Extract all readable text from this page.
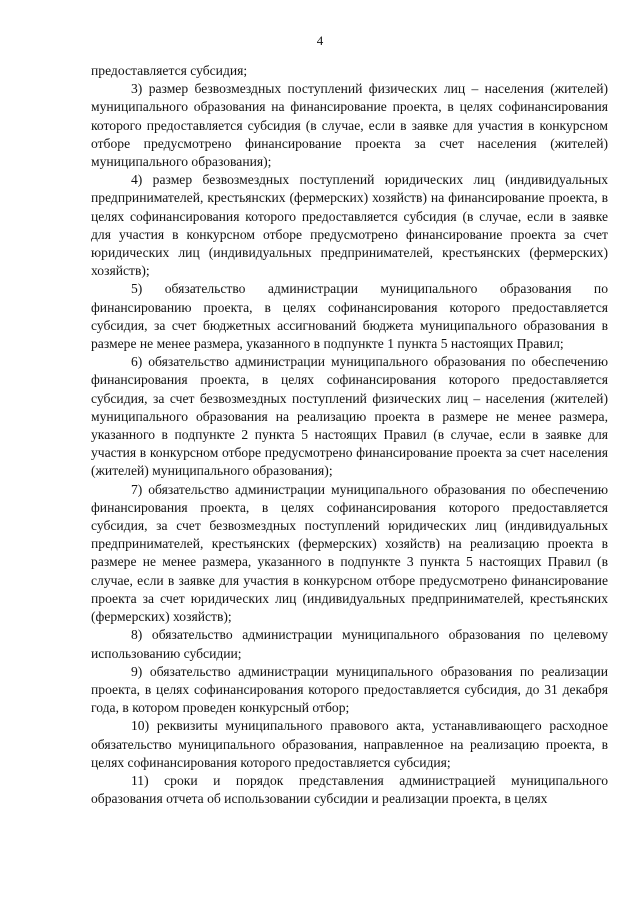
4

предоставляется субсидия;

3) размер безвозмездных поступлений физических лиц – населения (жителей) муниципального образования на финансирование проекта, в целях софинансирования которого предоставляется субсидия (в случае, если в заявке для участия в конкурсном отборе предусмотрено финансирование проекта за счет населения (жителей) муниципального образования);

4) размер безвозмездных поступлений юридических лиц (индивидуальных предпринимателей, крестьянских (фермерских) хозяйств) на финансирование проекта, в целях софинансирования которого предоставляется субсидия (в случае, если в заявке для участия в конкурсном отборе предусмотрено финансирование проекта за счет юридических лиц (индивидуальных предпринимателей, крестьянских (фермерских) хозяйств);

5) обязательство администрации муниципального образования по финансированию проекта, в целях софинансирования которого предоставляется субсидия, за счет бюджетных ассигнований бюджета муниципального образования в размере не менее размера, указанного в подпункте 1 пункта 5 настоящих Правил;

6) обязательство администрации муниципального образования по обеспечению финансирования проекта, в целях софинансирования которого предоставляется субсидия, за счет безвозмездных поступлений физических лиц – населения (жителей) муниципального образования на реализацию проекта в размере не менее размера, указанного в подпункте 2 пункта 5 настоящих Правил (в случае, если в заявке для участия в конкурсном отборе предусмотрено финансирование проекта за счет населения (жителей) муниципального образования);

7) обязательство администрации муниципального образования по обеспечению финансирования проекта, в целях софинансирования которого предоставляется субсидия, за счет безвозмездных поступлений юридических лиц (индивидуальных предпринимателей, крестьянских (фермерских) хозяйств) на реализацию проекта в размере не менее размера, указанного в подпункте 3 пункта 5 настоящих Правил (в случае, если в заявке для участия в конкурсном отборе предусмотрено финансирование проекта за счет юридических лиц (индивидуальных предпринимателей, крестьянских (фермерских) хозяйств);

8) обязательство администрации муниципального образования по целевому использованию субсидии;

9) обязательство администрации муниципального образования по реализации проекта, в целях софинансирования которого предоставляется субсидия, до 31 декабря года, в котором проведен конкурсный отбор;

10) реквизиты муниципального правового акта, устанавливающего расходное обязательство муниципального образования, направленное на реализацию проекта, в целях софинансирования которого предоставляется субсидия;

11) сроки и порядок представления администрацией муниципального образования отчета об использовании субсидии и реализации проекта, в целях
